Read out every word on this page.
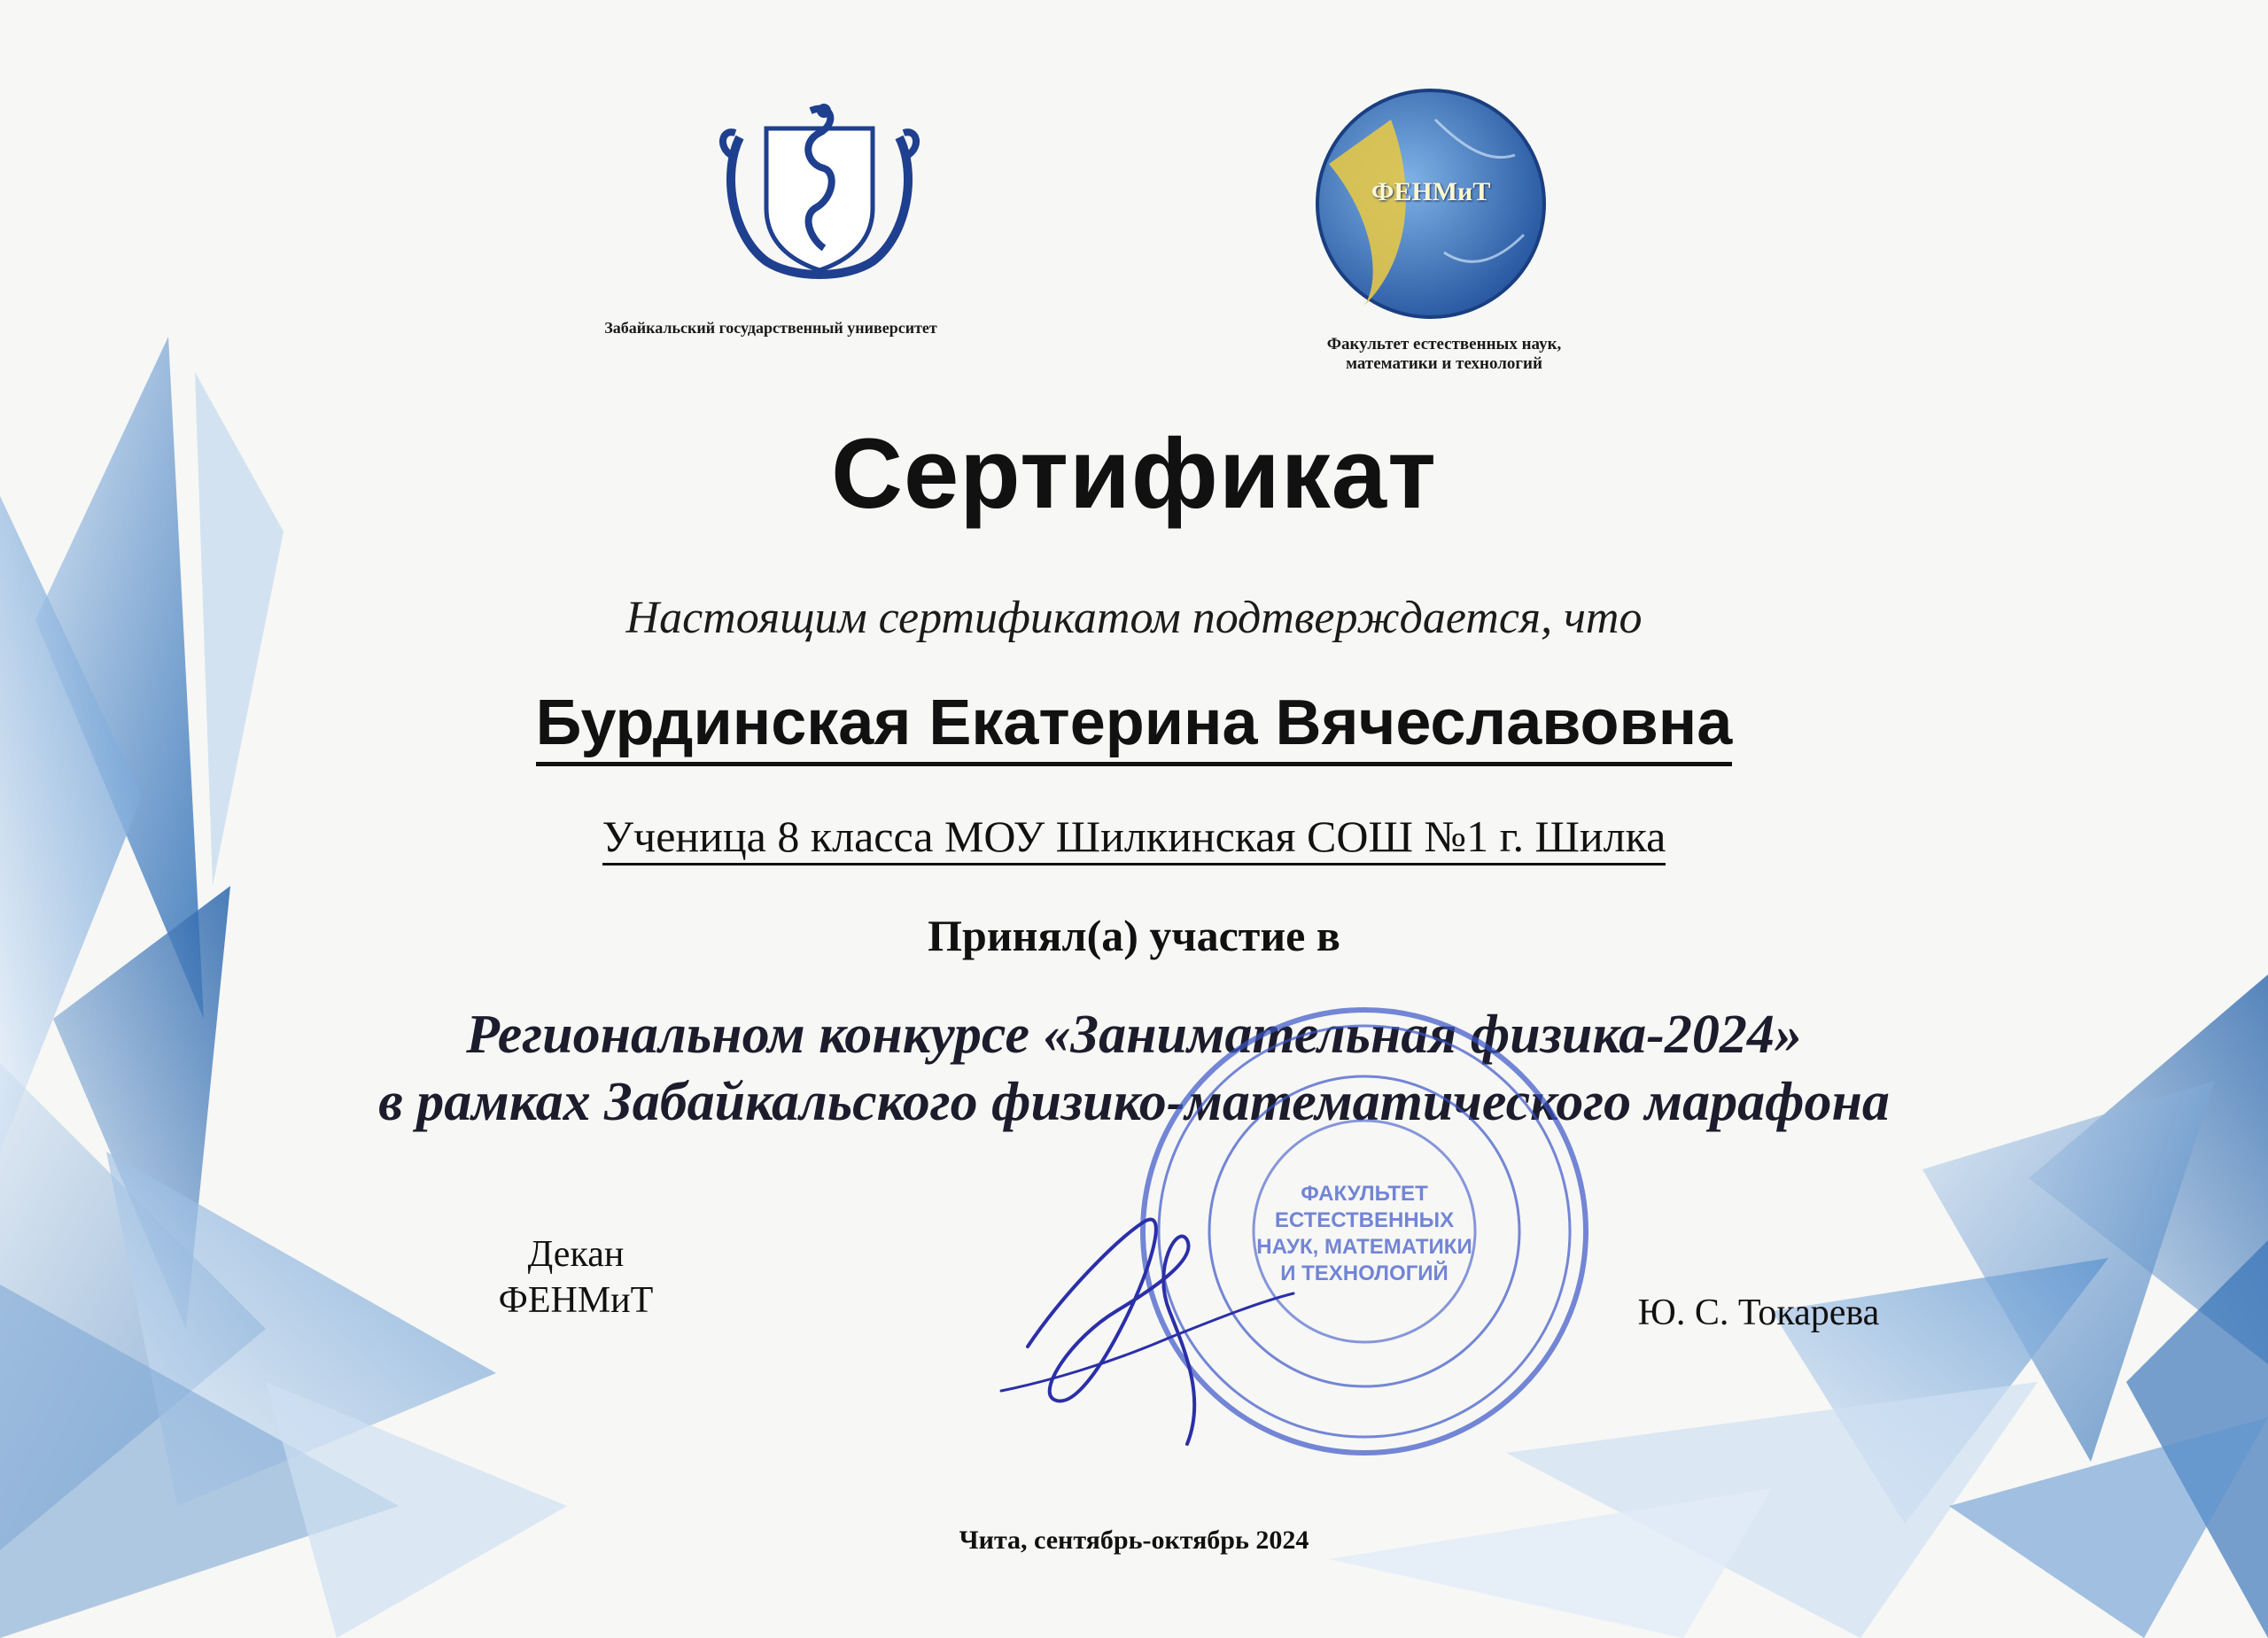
Забайкальский государственный университет
ФЕНМиТ
Факультет естественных наук,
математики и технологий
Сертификат
Настоящим сертификатом подтверждается, что
Бурдинская Екатерина Вячеславовна
Ученица 8 класса МОУ Шилкинская СОШ №1 г. Шилка
Принял(а) участие в
Региональном конкурсе «Занимательная физика-2024»
в рамках Забайкальского физико-математического марафона
ФАКУЛЬТЕТ
ЕСТЕСТВЕННЫХ
НАУК, МАТЕМАТИКИ
И ТЕХНОЛОГИЙ
Декан
ФЕНМиТ	Ю. С. Токарева
Чита, сентябрь-октябрь 2024
